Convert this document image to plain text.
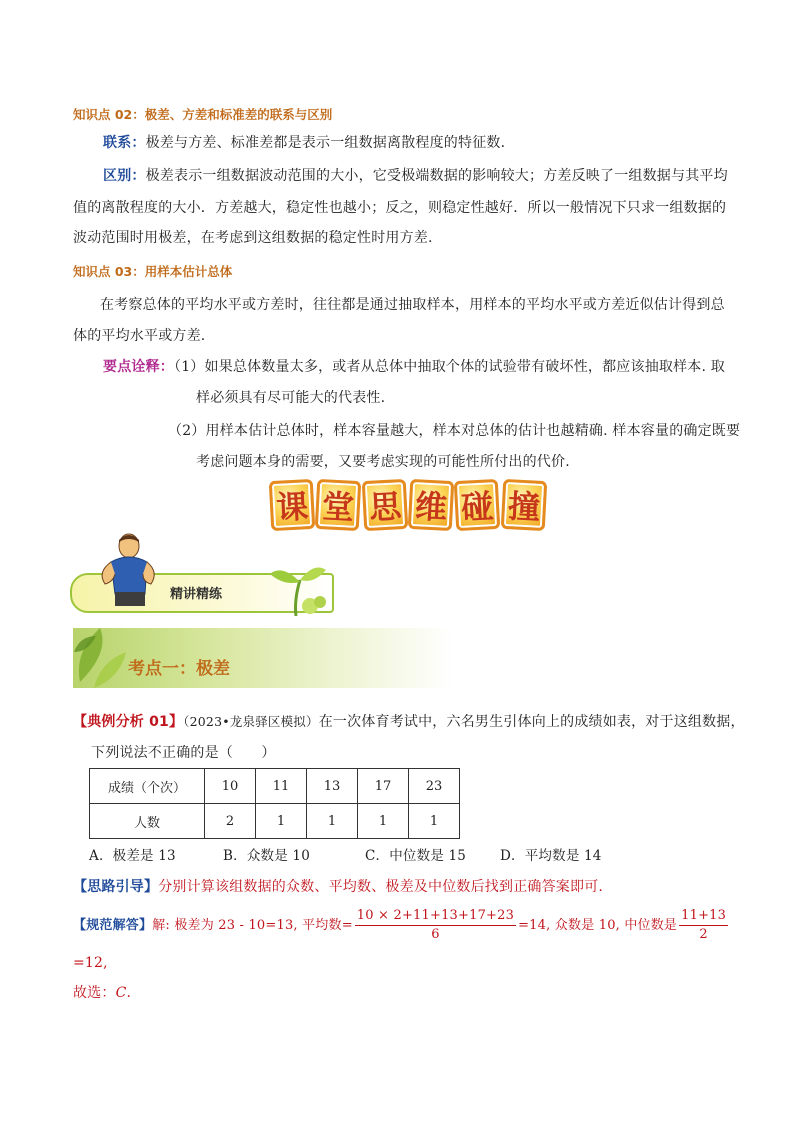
知识点 02：极差、方差和标准差的联系与区别
联系：极差与方差、标准差都是表示一组数据离散程度的特征数．
区别：极差表示一组数据波动范围的大小，它受极端数据的影响较大；方差反映了一组数据与其平均
值的离散程度的大小．方差越大，稳定性也越小；反之，则稳定性越好．所以一般情况下只求一组数据的
波动范围时用极差，在考虑到这组数据的稳定性时用方差.
知识点 03：用样本估计总体
在考察总体的平均水平或方差时，往往都是通过抽取样本，用样本的平均水平或方差近似估计得到总
体的平均水平或方差.
要点诠释：（1）如果总体数量太多，或者从总体中抽取个体的试验带有破坏性，都应该抽取样本. 取
样必须具有尽可能大的代表性.
（2）用样本估计总体时，样本容量越大，样本对总体的估计也越精确. 样本容量的确定既要
考虑问题本身的需要，又要考虑实现的可能性所付出的代价.
课 堂 思 维 碰 撞
精讲精练
考点一：极差
【典例分析 01】（2023•龙泉驿区模拟）在一次体育考试中，六名男生引体向上的成绩如表，对于这组数据，
下列说法不正确的是（　　）
成绩（个次）	10	11	13	17	23
人数	2	1	1	1	1
A．极差是 13	B．众数是 10	C．中位数是 15	D．平均数是 14
【思路引导】分别计算该组数据的众数、平均数、极差及中位数后找到正确答案即可.
【规范解答】解: 极差为 23 - 10=13, 平均数= $\frac{10 \times 2+11+13+17+23}{6} =14$, 众数是 10, 中位数是 $\frac{11+13}{2}$
=12,
故选：C.
